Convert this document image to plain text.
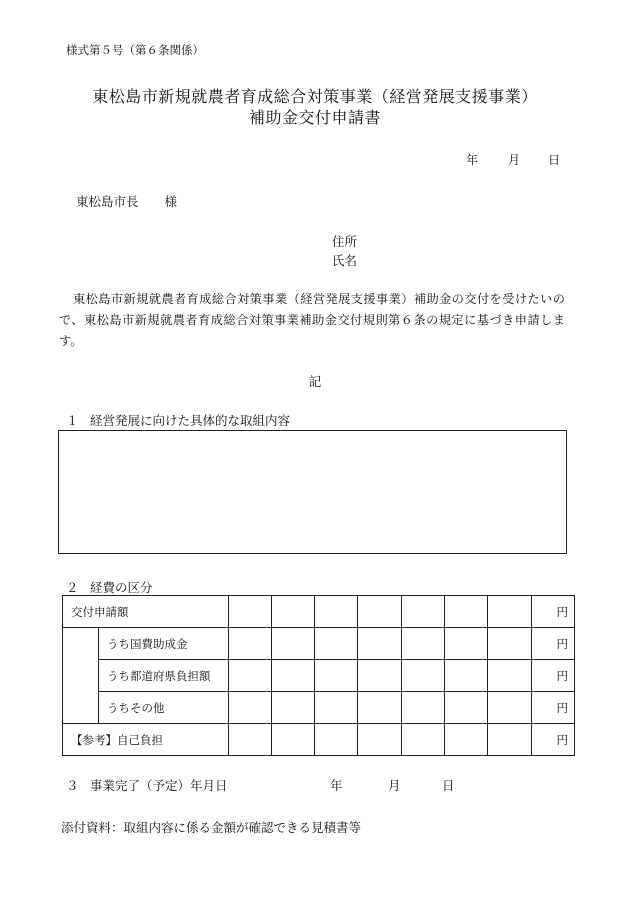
様式第５号（第６条関係）
東松島市新規就農者育成総合対策事業（経営発展支援事業）
補助金交付申請書
年 月 日
東松島市長 様
住所
氏名
東松島市新規就農者育成総合対策事業（経営発展支援事業）補助金の交付を受けたいので、東松島市新規就農者育成総合対策事業補助金交付規則第６条の規定に基づき申請します。
記
１ 経営発展に向けた具体的な取組内容
２ 経費の区分
交付申請額									円
	うち国費助成金								円
	うち都道府県負担額								円
	うちその他								円
【参考】自己負担									円
３ 事業完了（予定）年月日	年	月	日
添付資料：取組内容に係る金額が確認できる見積書等
